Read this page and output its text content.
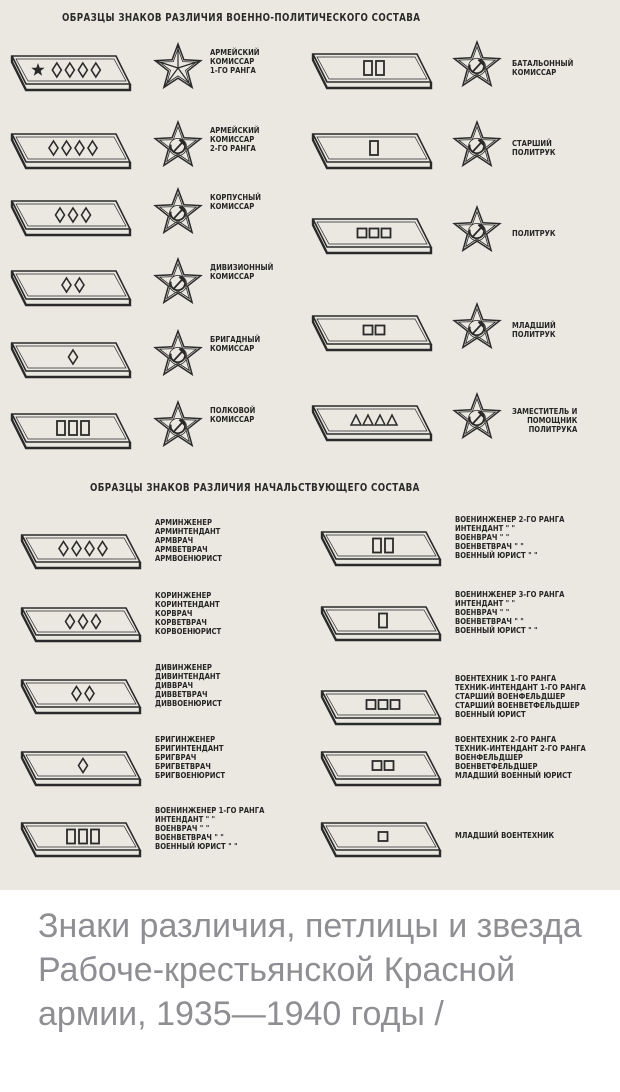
ОБРАЗЦЫ ЗНАКОВ РАЗЛИЧИЯ ВОЕННО-ПОЛИТИЧЕСКОГО СОСТАВА
ОБРАЗЦЫ ЗНАКОВ РАЗЛИЧИЯ НАЧАЛЬСТВУЮЩЕГО СОСТАВА
АРМЕЙСКИЙ
КОМИССАР
1-ГО РАНГА
АРМЕЙСКИЙ
КОМИССАР
2-ГО РАНГА
КОРПУСНЫЙ
КОМИССАР
ДИВИЗИОННЫЙ
КОМИССАР
БРИГАДНЫЙ
КОМИССАР
ПОЛКОВОЙ
КОМИССАР
БАТАЛЬОННЫЙ
КОМИССАР
СТАРШИЙ
ПОЛИТРУК
ПОЛИТРУК
МЛАДШИЙ
ПОЛИТРУК
ЗАМЕСТИТЕЛЬ И
ПОМОЩНИК
ПОЛИТРУКА
АРМИНЖЕНЕР
АРМИНТЕНДАНТ
АРМВРАЧ
АРМВЕТВРАЧ
АРМВОЕНЮРИСТ
КОРИНЖЕНЕР
КОРИНТЕНДАНТ
КОРВРАЧ
КОРВЕТВРАЧ
КОРВОЕНЮРИСТ
ДИВИНЖЕНЕР
ДИВИНТЕНДАНТ
ДИВВРАЧ
ДИВВЕТВРАЧ
ДИВВОЕНЮРИСТ
БРИГИНЖЕНЕР
БРИГИНТЕНДАНТ
БРИГВРАЧ
БРИГВЕТВРАЧ
БРИГВОЕНЮРИСТ
ВОЕНИНЖЕНЕР 1-ГО РАНГА
ИНТЕНДАНТ " "
ВОЕНВРАЧ " "
ВОЕНВЕТВРАЧ " "
ВОЕННЫЙ ЮРИСТ " "
ВОЕНИНЖЕНЕР 2-ГО РАНГА
ИНТЕНДАНТ " "
ВОЕНВРАЧ " "
ВОЕНВЕТВРАЧ " "
ВОЕННЫЙ ЮРИСТ " "
ВОЕНИНЖЕНЕР 3-ГО РАНГА
ИНТЕНДАНТ " "
ВОЕНВРАЧ " "
ВОЕНВЕТВРАЧ " "
ВОЕННЫЙ ЮРИСТ " "
ВОЕНТЕХНИК 1-ГО РАНГА
ТЕХНИК-ИНТЕНДАНТ 1-ГО РАНГА
СТАРШИЙ ВОЕНФЕЛЬДШЕР
СТАРШИЙ ВОЕНВЕТФЕЛЬДШЕР
ВОЕННЫЙ ЮРИСТ
ВОЕНТЕХНИК 2-ГО РАНГА
ТЕХНИК-ИНТЕНДАНТ 2-ГО РАНГА
ВОЕНФЕЛЬДШЕР
ВОЕНВЕТФЕЛЬДШЕР
МЛАДШИЙ ВОЕННЫЙ ЮРИСТ
МЛАДШИЙ ВОЕНТЕХНИК
Знаки различия, петлицы и звезда Рабоче-крестьянской Красной армии, 1935—1940 годы /
